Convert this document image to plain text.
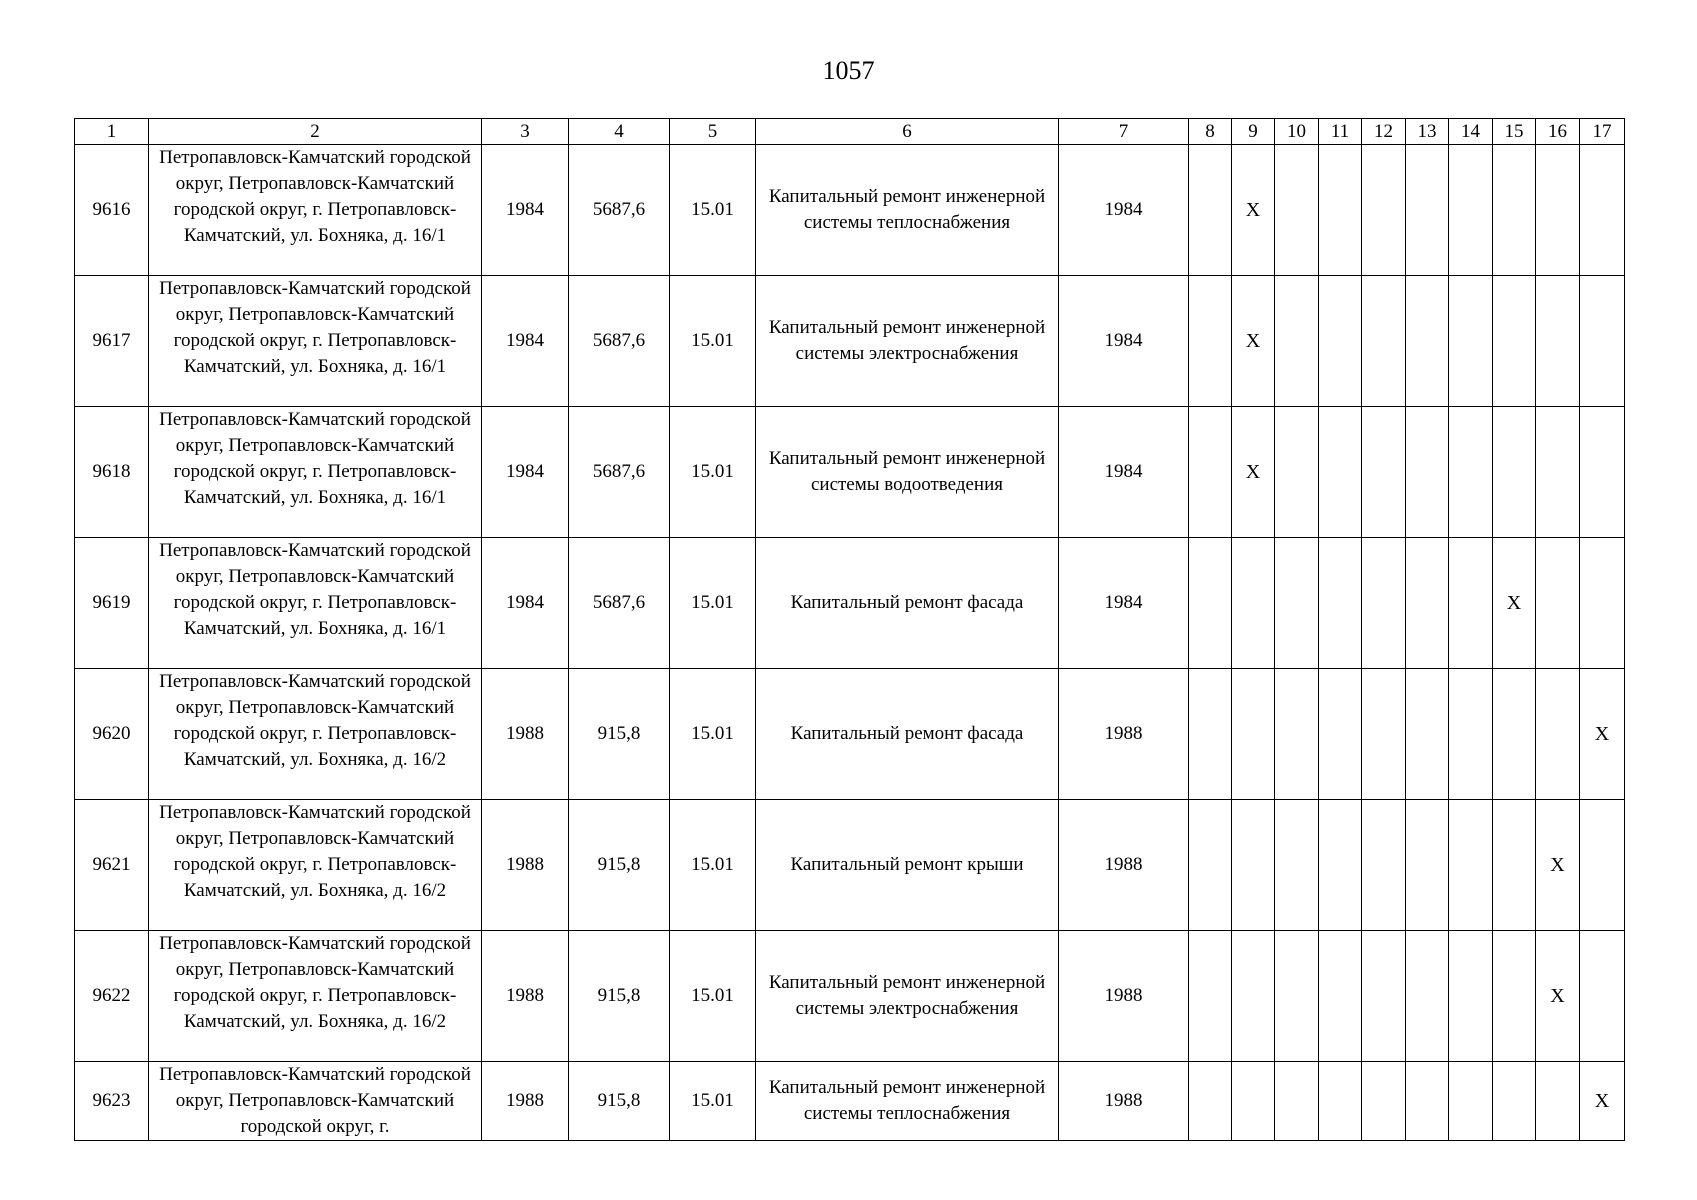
1057
1	2	3	4	5	6	7	8	9	10	11	12	13	14	15	16	17
9616	Петропавловск-Камчатский городской округ, Петропавловск-Камчатский городской округ, г. Петропавловск-Камчатский, ул. Бохняка, д. 16/1	1984	5687,6	15.01	Капитальный ремонт инженерной системы теплоснабжения	1984		X								
9617	Петропавловск-Камчатский городской округ, Петропавловск-Камчатский городской округ, г. Петропавловск-Камчатский, ул. Бохняка, д. 16/1	1984	5687,6	15.01	Капитальный ремонт инженерной системы электроснабжения	1984		X								
9618	Петропавловск-Камчатский городской округ, Петропавловск-Камчатский городской округ, г. Петропавловск-Камчатский, ул. Бохняка, д. 16/1	1984	5687,6	15.01	Капитальный ремонт инженерной системы водоотведения	1984		X								
9619	Петропавловск-Камчатский городской округ, Петропавловск-Камчатский городской округ, г. Петропавловск-Камчатский, ул. Бохняка, д. 16/1	1984	5687,6	15.01	Капитальный ремонт фасада	1984								X		
9620	Петропавловск-Камчатский городской округ, Петропавловск-Камчатский городской округ, г. Петропавловск-Камчатский, ул. Бохняка, д. 16/2	1988	915,8	15.01	Капитальный ремонт фасада	1988										X
9621	Петропавловск-Камчатский городской округ, Петропавловск-Камчатский городской округ, г. Петропавловск-Камчатский, ул. Бохняка, д. 16/2	1988	915,8	15.01	Капитальный ремонт крыши	1988									X	
9622	Петропавловск-Камчатский городской округ, Петропавловск-Камчатский городской округ, г. Петропавловск-Камчатский, ул. Бохняка, д. 16/2	1988	915,8	15.01	Капитальный ремонт инженерной системы электроснабжения	1988									X	
9623	Петропавловск-Камчатский городской округ, Петропавловск-Камчатский городской округ, г.	1988	915,8	15.01	Капитальный ремонт инженерной системы теплоснабжения	1988										X
